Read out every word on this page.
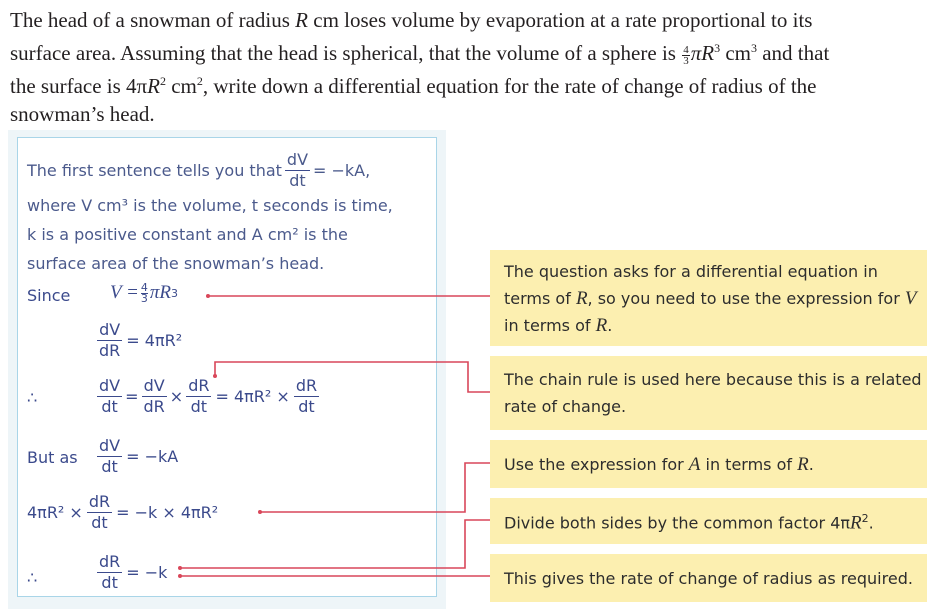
The head of a snowman of radius R cm loses volume by evaporation at a rate proportional to its
surface area. Assuming that the head is spherical, that the volume of a sphere is $\frac{4}{3} \pi R^3$ $cm^3$ and that
the surface is $4\pi R^2$ $cm^2$, write down a differential equation for the rate of change of radius of the
snowman’s head.
The first sentence tells you that $\frac{dV}{dt} = -kA$,
where V cm³ is the volume, t seconds is time,
k is a positive constant and A cm² is the
surface area of the snowman’s head.
Since $V = \frac{4}{3}$ πR 3
$\frac{dV}{dR} = 4\pi R^2$
∴	$\frac{dV}{dt} = \frac{dV}{dR} \times \frac{dR}{dt} = 4\pi R^2 \times \frac{dR}{dt}$
But as $\frac{dV}{dt} = -kA$
$4\pi R^2 \times \frac{dR}{dt} = -k \times 4\pi R^2$
∴	$\frac{dR}{dt} = -k$
The question asks for a differential equation in terms of R, so you need to use the expression for V in terms of R.
The chain rule is used here because this is a related rate of change.
Use the expression for A in terms of R.
Divide both sides by the common factor $4\pi R^2$.
This gives the rate of change of radius as required.
